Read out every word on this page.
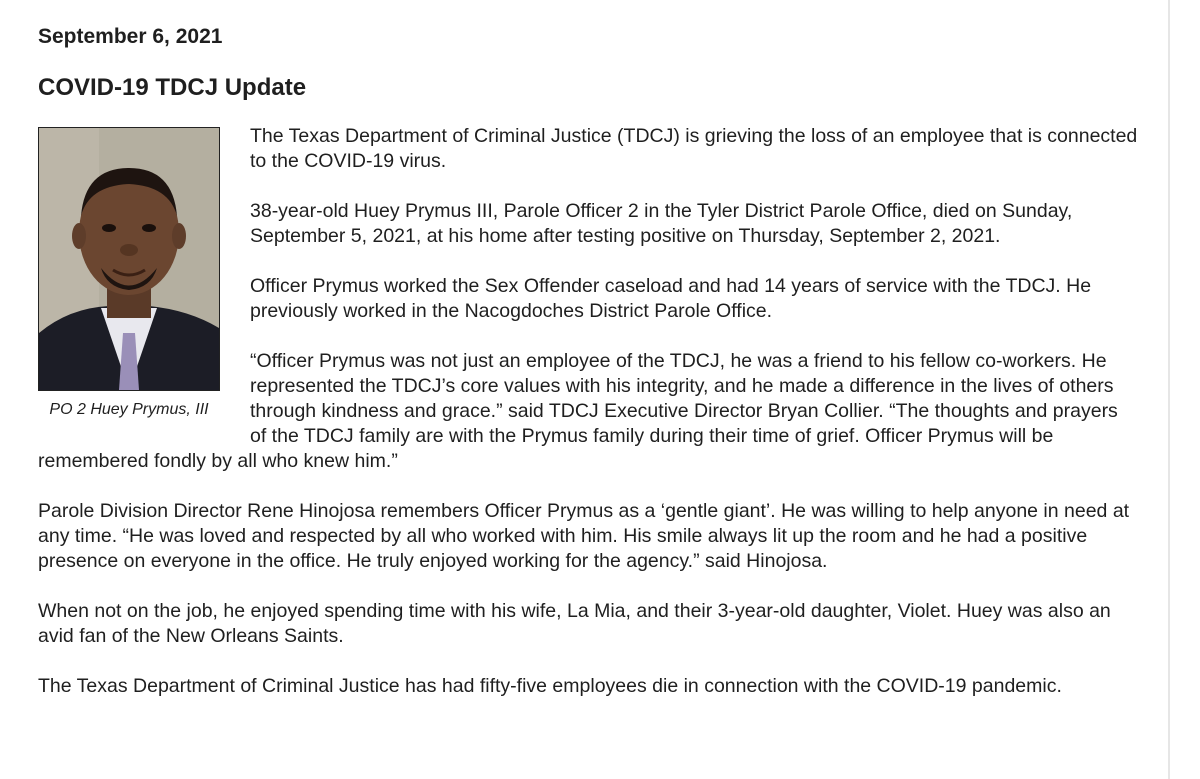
September 6, 2021
COVID-19 TDCJ Update
PO 2 Huey Prymus, III

The Texas Department of Criminal Justice (TDCJ) is grieving the loss of an employee that is connected to the COVID-19 virus.

38-year-old Huey Prymus III, Parole Officer 2 in the Tyler District Parole Office, died on Sunday, September 5, 2021, at his home after testing positive on Thursday, September 2, 2021.

Officer Prymus worked the Sex Offender caseload and had 14 years of service with the TDCJ. He previously worked in the Nacogdoches District Parole Office.

“Officer Prymus was not just an employee of the TDCJ, he was a friend to his fellow co-workers. He represented the TDCJ’s core values with his integrity, and he made a difference in the lives of others through kindness and grace.” said TDCJ Executive Director Bryan Collier. “The thoughts and prayers of the TDCJ family are with the Prymus family during their time of grief. Officer Prymus will be remembered fondly by all who knew him.”

Parole Division Director Rene Hinojosa remembers Officer Prymus as a ‘gentle giant’. He was willing to help anyone in need at any time. “He was loved and respected by all who worked with him. His smile always lit up the room and he had a positive presence on everyone in the office. He truly enjoyed working for the agency.” said Hinojosa.

When not on the job, he enjoyed spending time with his wife, La Mia, and their 3-year-old daughter, Violet. Huey was also an avid fan of the New Orleans Saints.

The Texas Department of Criminal Justice has had fifty-five employees die in connection with the COVID-19 pandemic.
